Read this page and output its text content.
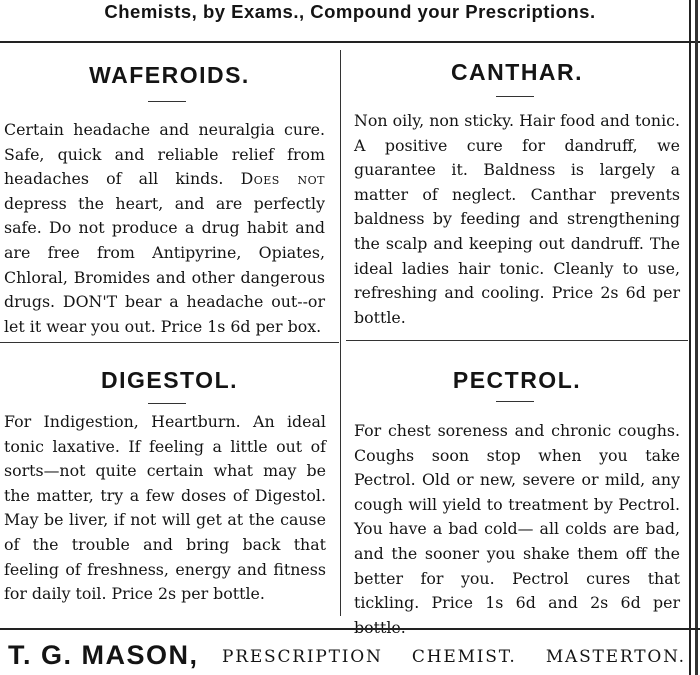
Chemists, by Exams., Compound your Prescriptions.
WAFEROIDS.
Certain headache and neuralgia cure. Safe, quick and reliable relief from headaches of all kinds. Does not depress the heart, and are perfectly safe. Do not produce a drug habit and are free from Antipyrine, Opiates, Chloral, Bromides and other dangerous drugs. DON'T bear a headache out--or let it wear you out. Price 1s 6d per box.
CANTHAR.
Non oily, non sticky. Hair food and tonic. A positive cure for dandruff, we guarantee it. Baldness is largely a matter of neglect. Canthar prevents baldness by feeding and strengthening the scalp and keeping out dandruff. The ideal ladies hair tonic. Cleanly to use, refreshing and cooling. Price 2s 6d per bottle.
DIGESTOL.
For Indigestion, Heartburn. An ideal tonic laxative. If feeling a little out of sorts—not quite certain what may be the matter, try a few doses of Digestol. May be liver, if not will get at the cause of the trouble and bring back that feeling of freshness, energy and fitness for daily toil. Price 2s per bottle.
PECTROL.
For chest soreness and chronic coughs. Coughs soon stop when you take Pectrol. Old or new, severe or mild, any cough will yield to treatment by Pectrol. You have a bad cold— all colds are bad, and the sooner you shake them off the better for you. Pectrol cures that tickling. Price 1s 6d and 2s 6d per
T. G. MASON, PRESCRIPTION CHEMIST. MASTERTON.
